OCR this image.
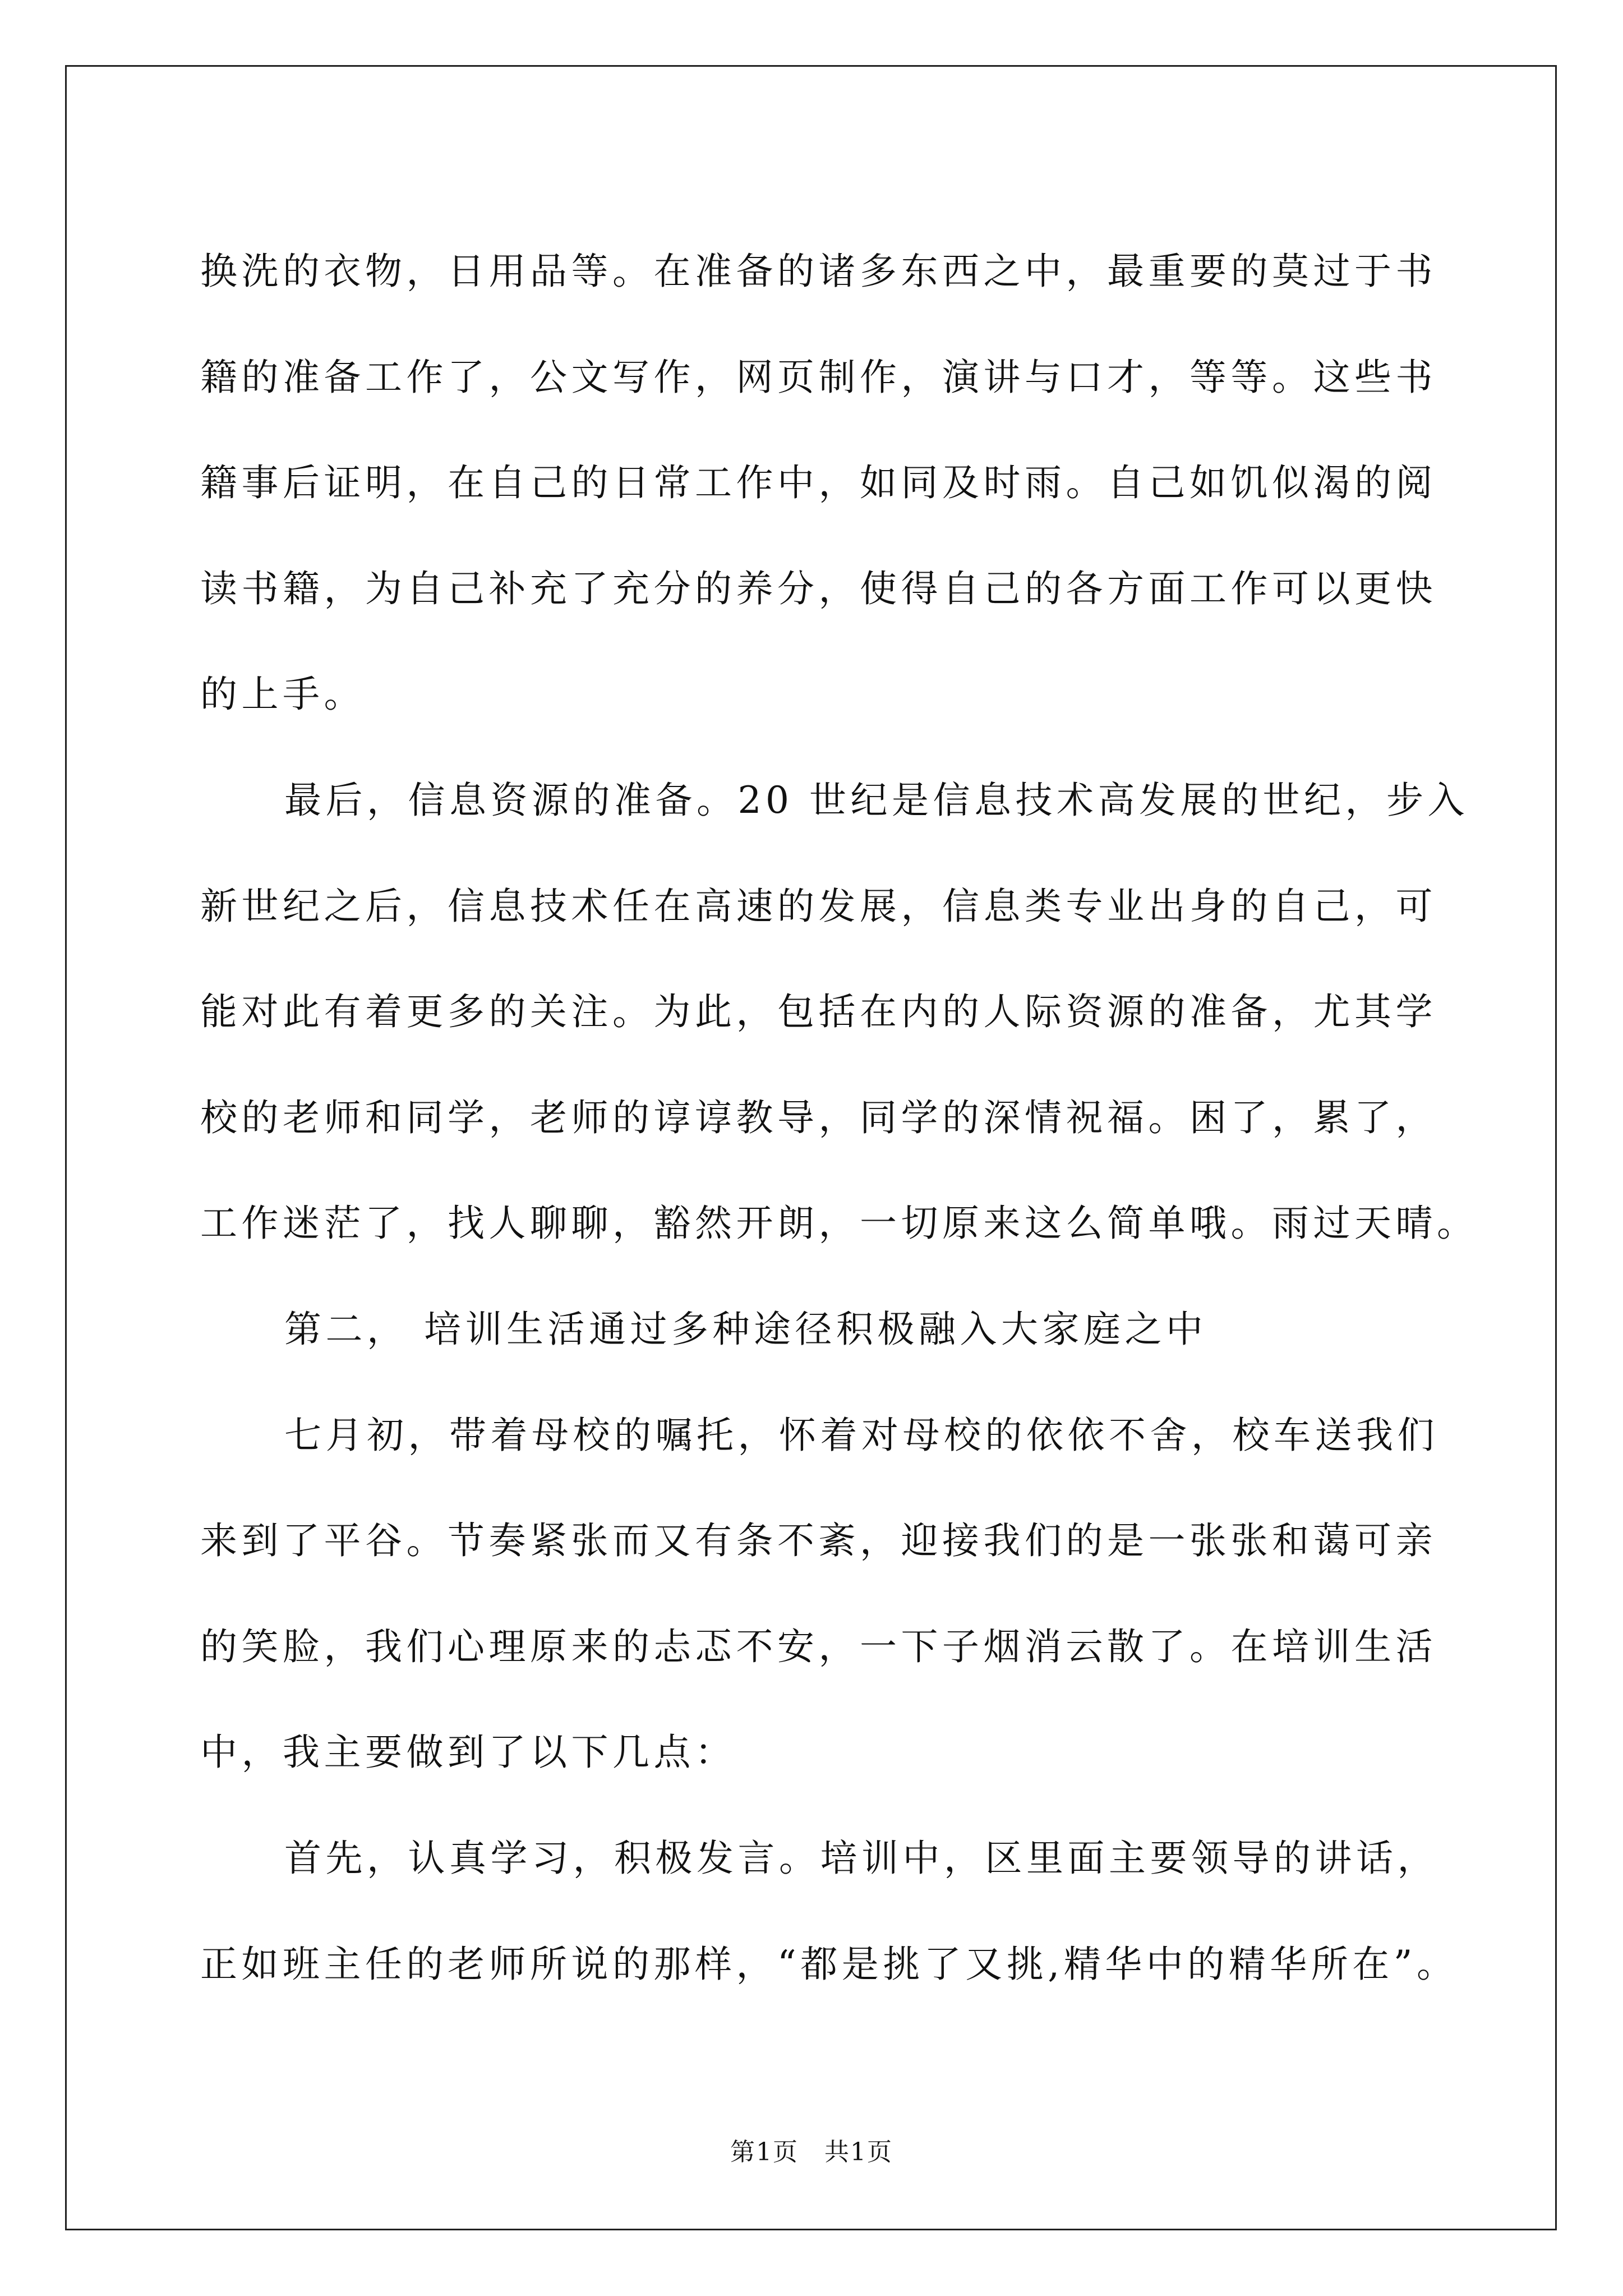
换洗的衣物，日用品等。在准备的诸多东西之中，最重要的莫过于书
籍的准备工作了，公文写作，网页制作，演讲与口才，等等。这些书
籍事后证明，在自己的日常工作中，如同及时雨。自己如饥似渴的阅
读书籍，为自己补充了充分的养分，使得自己的各方面工作可以更快
的上手。
最后，信息资源的准备。20 世纪是信息技术高发展的世纪，步入
新世纪之后，信息技术任在高速的发展，信息类专业出身的自己，可
能对此有着更多的关注。为此，包括在内的人际资源的准备，尤其学
校的老师和同学，老师的谆谆教导，同学的深情祝福。困了，累了，
工作迷茫了，找人聊聊，豁然开朗，一切原来这么简单哦。雨过天晴。
第二， 培训生活通过多种途径积极融入大家庭之中
七月初，带着母校的嘱托，怀着对母校的依依不舍，校车送我们
来到了平谷。节奏紧张而又有条不紊，迎接我们的是一张张和蔼可亲
的笑脸，我们心理原来的忐忑不安，一下子烟消云散了。在培训生活
中，我主要做到了以下几点：
首先，认真学习，积极发言。培训中，区里面主要领导的讲话，
正如班主任的老师所说的那样，“都是挑了又挑,精华中的精华所在”。
第1页　共1页
